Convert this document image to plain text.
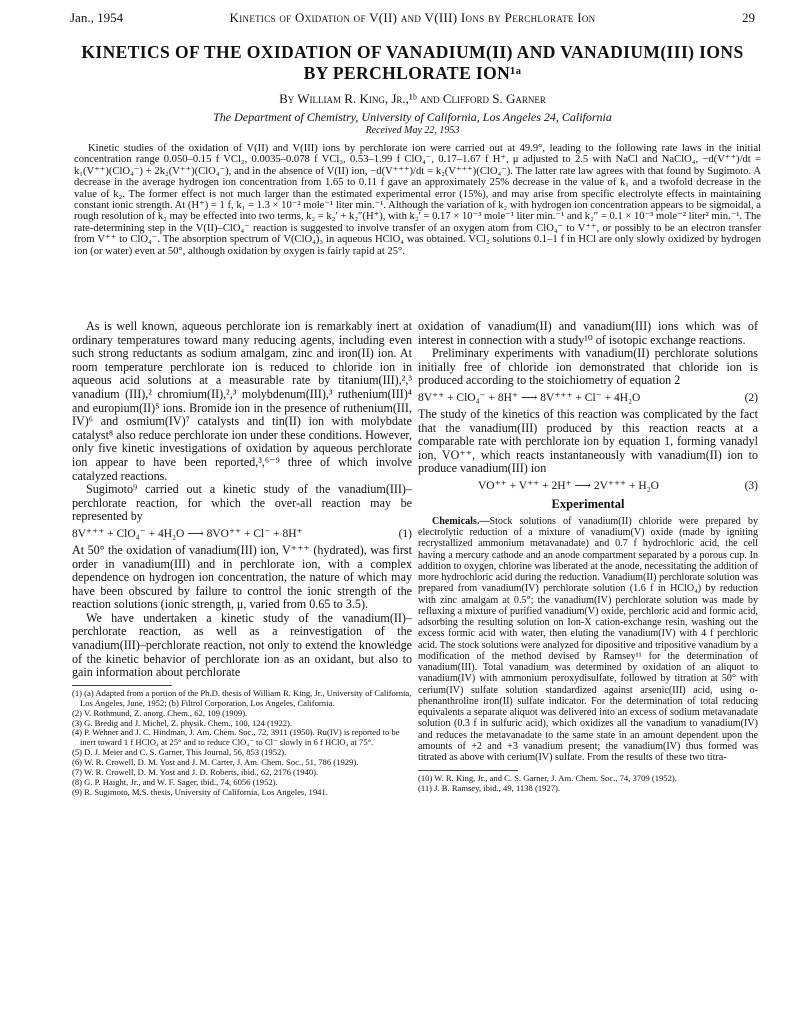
Jan., 1954	Kinetics of Oxidation of V(II) and V(III) Ions by Perchlorate Ion	29
KINETICS OF THE OXIDATION OF VANADIUM(II) AND VANADIUM(III) IONS BY PERCHLORATE ION¹ᵃ
By William R. King, Jr.,¹ᵇ and Clifford S. Garner
The Department of Chemistry, University of California, Los Angeles 24, California
Received May 22, 1953

Kinetic studies of the oxidation of V(II) and V(III) ions by perchlorate ion were carried out at 49.9°, leading to the following rate laws in the initial concentration range 0.050–0.15 f VCl₂, 0.0035–0.078 f VCl₃, 0.53–1.99 f ClO₄⁻, 0.17–1.67 f H⁺, μ adjusted to 2.5 with NaCl and NaClO₄, −d(V⁺⁺)/dt = k₁(V⁺⁺)(ClO₄⁻) + 2k₂(V⁺⁺)(ClO₄⁻), and in the absence of V(II) ion, −d(V⁺⁺⁺)/dt = k₂(V⁺⁺⁺)(ClO₄⁻). The latter rate law agrees with that found by Sugimoto. A decrease in the average hydrogen ion concentration from 1.65 to 0.11 f gave an approximately 25% decrease in the value of k₁ and a twofold decrease in the value of k₂. The former effect is not much larger than the estimated experimental error (15%), and may arise from specific electrolyte effects in maintaining constant ionic strength. At (H⁺) = 1 f, k₁ = 1.3 × 10⁻² mole⁻¹ liter min.⁻¹. Although the variation of k₂ with hydrogen ion concentration appears to be sigmoidal, a rough resolution of k₂ may be effected into two terms, k₂ = k₂′ + k₂″(H⁺), with k₂′ = 0.17 × 10⁻³ mole⁻¹ liter min.⁻¹ and k₂″ = 0.1 × 10⁻³ mole⁻² liter² min.⁻¹. The rate-determining step in the V(II)–ClO₄⁻ reaction is suggested to involve transfer of an oxygen atom from ClO₄⁻ to V⁺⁺, or possibly to be an electron transfer from V⁺⁺ to ClO₄⁻. The absorption spectrum of V(ClO₄)₃ in aqueous HClO₄ was obtained. VCl₂ solutions 0.1–1 f in HCl are only slowly oxidized by hydrogen ion (or water) even at 50°, although oxidation by oxygen is fairly rapid at 25°.

As is well known, aqueous perchlorate ion is remarkably inert at ordinary temperatures toward many reducing agents, including even such strong reductants as sodium amalgam, zinc and iron(II) ion. At room temperature perchlorate ion is reduced to chloride ion in aqueous acid solutions at a measurable rate by titanium(III),²,³ vanadium (III),² chromium(II),²,³ molybdenum(III),³ ruthenium(III)⁴ and europium(II)⁵ ions. Bromide ion in the presence of ruthenium(III, IV)⁶ and osmium(IV)⁷ catalysts and tin(II) ion with molybdate catalyst⁸ also reduce perchlorate ion under these conditions. However, only five kinetic investigations of oxidation by aqueous perchlorate ion appear to have been reported,³,⁶⁻⁹ three of which involve catalyzed reactions.

Sugimoto⁹ carried out a kinetic study of the vanadium(III)–perchlorate reaction, for which the over-all reaction may be represented by

8V⁺⁺⁺ + ClO₄⁻ + 4H₂O ⟶ 8VO⁺⁺ + Cl⁻ + 8H⁺	(1)

At 50° the oxidation of vanadium(III) ion, V⁺⁺⁺ (hydrated), was first order in vanadium(III) and in perchlorate ion, with a complex dependence on hydrogen ion concentration, the nature of which may have been obscured by failure to control the ionic strength of the reaction solutions (ionic strength, μ, varied from 0.65 to 3.5).

We have undertaken a kinetic study of the vanadium(II)–perchlorate reaction, as well as a reinvestigation of the vanadium(III)–perchlorate reaction, not only to extend the knowledge of the kinetic behavior of perchlorate ion as an oxidant, but also to gain information about perchlorate

(1) (a) Adapted from a portion of the Ph.D. thesis of William R. King, Jr., University of California, Los Angeles, June, 1952; (b) Filtrol Corporation, Los Angeles, California.
(2) V. Rothmund, Z. anorg. Chem., 62, 109 (1909).
(3) G. Bredig and J. Michel, Z. physik. Chem., 100, 124 (1922).
(4) P. Wehner and J. C. Hindman, J. Am. Chem. Soc., 72, 3911 (1950). Ru(IV) is reported to be inert toward 1 f HClO₄ at 25° and to reduce ClO₄⁻ to Cl⁻ slowly in 6 f HClO₄ at 75°.
(5) D. J. Meier and C. S. Garner, This Journal, 56, 853 (1952).
(6) W. R. Crowell, D. M. Yost and J. M. Carter, J. Am. Chem. Soc., 51, 786 (1929).
(7) W. R. Crowell, D. M. Yost and J. D. Roberts, ibid., 62, 2176 (1940).
(8) G. P. Haight, Jr., and W. F. Sager, ibid., 74, 6056 (1952).
(9) R. Sugimoto, M.S. thesis, University of California, Los Angeles, 1941.

oxidation of vanadium(II) and vanadium(III) ions which was of interest in connection with a study¹⁰ of isotopic exchange reactions.

Preliminary experiments with vanadium(II) perchlorate solutions initially free of chloride ion demonstrated that chloride ion is produced according to the stoichiometry of equation 2

8V⁺⁺ + ClO₄⁻ + 8H⁺ ⟶ 8V⁺⁺⁺ + Cl⁻ + 4H₂O	(2)

The study of the kinetics of this reaction was complicated by the fact that the vanadium(III) produced by this reaction reacts at a comparable rate with perchlorate ion by equation 1, forming vanadyl ion, VO⁺⁺, which reacts instantaneously with vanadium(II) ion to produce vanadium(III) ion

VO⁺⁺ + V⁺⁺ + 2H⁺ ⟶ 2V⁺⁺⁺ + H₂O	(3)
Experimental

Chemicals.—Stock solutions of vanadium(II) chloride were prepared by electrolytic reduction of a mixture of vanadium(V) oxide (made by igniting recrystallized ammonium metavanadate) and 0.7 f hydrochloric acid, the cell having a mercury cathode and an anode compartment separated by a porous cup. In addition to oxygen, chlorine was liberated at the anode, necessitating the addition of more hydrochloric acid during the reduction. Vanadium(II) perchlorate solution was prepared from vanadium(IV) perchlorate solution (1.6 f in HClO₄) by reduction with zinc amalgam at 0.5°; the vanadium(IV) perchlorate solution was made by refluxing a mixture of purified vanadium(V) oxide, perchloric acid and formic acid, adsorbing the resulting solution on Ion-X cation-exchange resin, washing out the excess formic acid with water, then eluting the vanadium(IV) with 4 f perchloric acid. The stock solutions were analyzed for dipositive and tripositive vanadium by a modification of the method devised by Ramsey¹¹ for the determination of vanadium(III). Total vanadium was determined by oxidation of an aliquot to vanadium(IV) with ammonium peroxydisulfate, followed by titration at 50° with cerium(IV) sulfate solution standardized against arsenic(III) acid, using o-phenanthroline iron(II) sulfate indicator. For the determination of total reducing equivalents a separate aliquot was delivered into an excess of sodium metavanadate solution (0.3 f in sulfuric acid), which oxidizes all the vanadium to vanadium(IV) and reduces the metavanadate to the same state in an amount dependent upon the amounts of +2 and +3 vanadium present; the vanadium(IV) thus formed was titrated as above with cerium(IV) sulfate. From the results of these two titra-

(10) W. R. King, Jr., and C. S. Garner, J. Am. Chem. Soc., 74, 3709 (1952).
(11) J. B. Ramsey, ibid., 49, 1138 (1927).
